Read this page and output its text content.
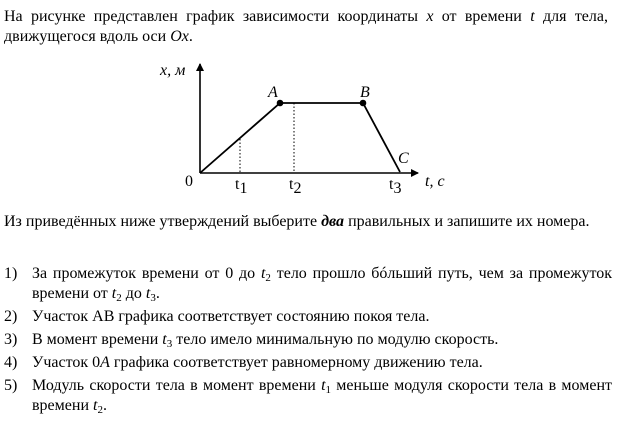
На рисунке представлен график зависимости координаты x от времени t для тела, движущегося вдоль оси Ox.

x, м
t, с
0
A	B
C
t1	t2	t3

Из приведённых ниже утверждений выберите два правильных и запишите их номера.

1) За промежуток времени от 0 до $t_2$ тело прошло бóльший путь, чем за промежуток времени от $t_2$ до $t_3$.
2) Участок АВ графика соответствует состоянию покоя тела.
3) В момент времени $t_3$ тело имело минимальную по модулю скорость.
4) Участок 0А графика соответствует равномерному движению тела.
5) Модуль скорости тела в момент времени $t_1$ меньше модуля скорости тела в момент времени $t_2$.
